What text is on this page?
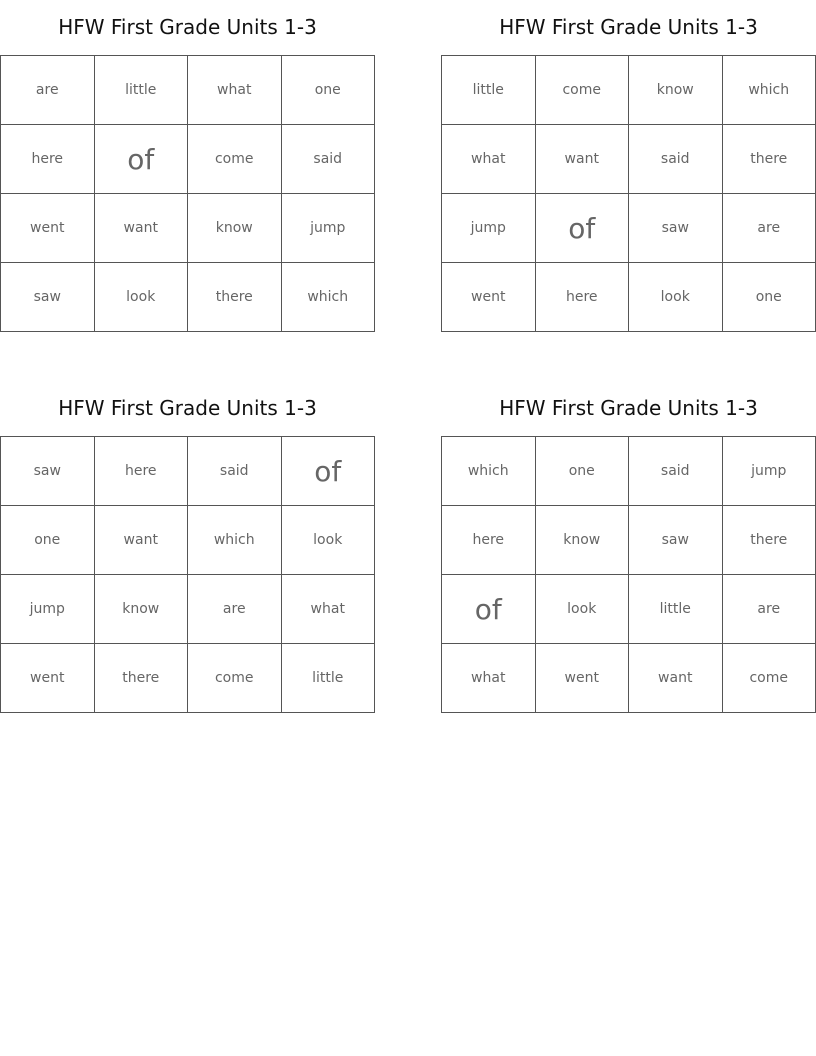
HFW First Grade Units 1-3
are	little	what	one
here	of	come	said
went	want	know	jump
saw	look	there	which
HFW First Grade Units 1-3
little	come	know	which
what	want	said	there
jump	of	saw	are
went	here	look	one
HFW First Grade Units 1-3
saw	here	said	of
one	want	which	look
jump	know	are	what
went	there	come	little
HFW First Grade Units 1-3
which	one	said	jump
here	know	saw	there
of	look	little	are
what	went	want	come
